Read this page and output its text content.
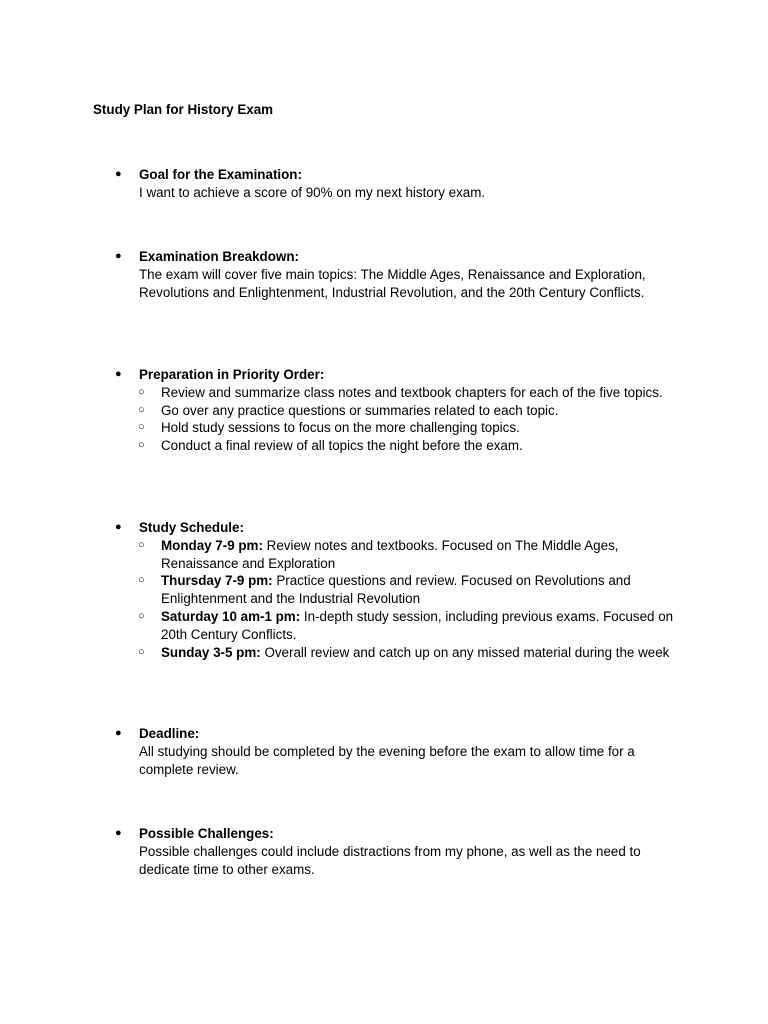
Study Plan for History Exam
● Goal for the Examination:
I want to achieve a score of 90% on my next history exam.
● Examination Breakdown:
The exam will cover five main topics: The Middle Ages, Renaissance and Exploration, Revolutions and Enlightenment, Industrial Revolution, and the 20th Century Conflicts.
● Preparation in Priority Order:
○ Review and summarize class notes and textbook chapters for each of the five topics.
○ Go over any practice questions or summaries related to each topic.
○ Hold study sessions to focus on the more challenging topics.
○ Conduct a final review of all topics the night before the exam.
● Study Schedule:
○ Monday 7-9 pm: Review notes and textbooks. Focused on The Middle Ages, Renaissance and Exploration
○ Thursday 7-9 pm: Practice questions and review. Focused on Revolutions and Enlightenment and the Industrial Revolution
○ Saturday 10 am-1 pm: In-depth study session, including previous exams. Focused on 20th Century Conflicts.
○ Sunday 3-5 pm: Overall review and catch up on any missed material during the week
● Deadline:
All studying should be completed by the evening before the exam to allow time for a complete review.
● Possible Challenges:
Possible challenges could include distractions from my phone, as well as the need to dedicate time to other exams.
